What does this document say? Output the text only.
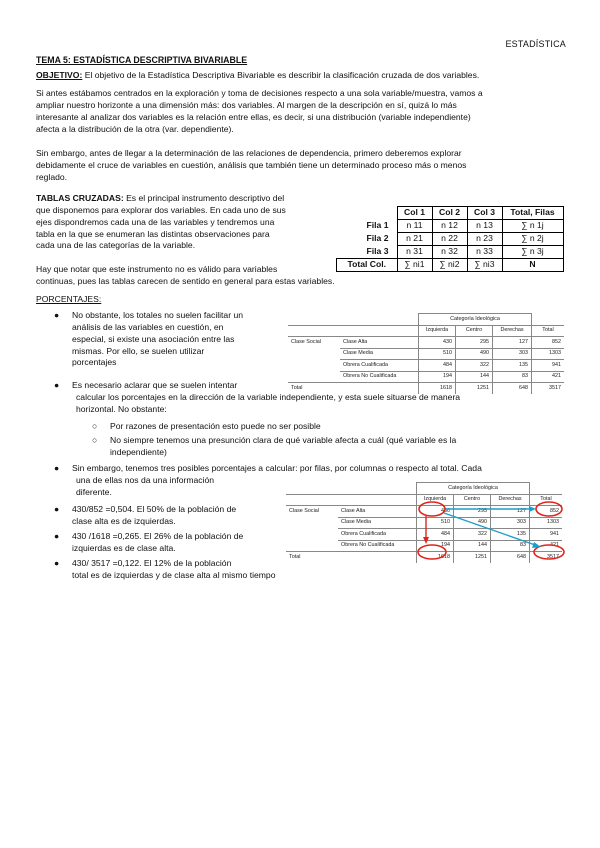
ESTADÍSTICA
TEMA 5: ESTADÍSTICA DESCRIPTIVA BIVARIABLE
OBJETIVO: El objetivo de la Estadística Descriptiva Bivariable es describir la clasificación cruzada de dos variables.
Si antes estábamos centrados en la exploración y toma de decisiones respecto a una sola variable/muestra, vamos a
ampliar nuestro horizonte a una dimensión más: dos variables. Al margen de la descripción en sí, quizá lo más
interesante al analizar dos variables es la relación entre ellas, es decir, si una distribución (variable independiente)
afecta a la distribución de la otra (var. dependiente).
Sin embargo, antes de llegar a la determinación de las relaciones de dependencia, primero deberemos explorar
debidamente el cruce de variables en cuestión, análisis que también tiene un determinado proceso más o menos
reglado.
TABLAS CRUZADAS: Es el principal instrumento descriptivo del
que disponemos para explorar dos variables. En cada uno de sus
ejes dispondremos cada una de las variables y tendremos una
tabla en la que se enumeran las distintas observaciones para
cada una de las categorías de la variable.
	Col 1	Col 2	Col 3	Total, Filas
Fila 1	n 11	n 12	n 13	∑ n 1j
Fila 2	n 21	n 22	n 23	∑ n 2j
Fila 3	n 31	n 32	n 33	∑ n 3j
Total Col.	∑ ni1	∑ ni2	∑ ni3	N
Hay que notar que este instrumento no es válido para variables
continuas, pues las tablas carecen de sentido en general para estas variables.
PORCENTAJES:
● No obstante, los totales no suelen facilitar un
análisis de las variables en cuestión, en
especial, si existe una asociación entre las
mismas. Por ello, se suelen utilizar
porcentajes
		Categoría Ideológica			
		Izquierda	Centro	Derechas	Total
Clase Social	Clase Alta	430	295	127	852
	Clase Media	510	490	303	1303
	Obrera Cualificada	484	322	135	941
	Obrera No Cualificada	194	144	83	421
Total		1618	1251	648	3517
● Es necesario aclarar que se suelen intentar
calcular los porcentajes en la dirección de la variable independiente, y esta suele situarse de manera
horizontal. No obstante:
○ Por razones de presentación esto puede no ser posible
○ No siempre tenemos una presunción clara de qué variable afecta a cuál (qué variable es la
independiente)
● Sin embargo, tenemos tres posibles porcentajes a calcular: por filas, por columnas o respecto al total. Cada
una de ellas nos da una información
diferente.
● 430/852 =0,504. El 50% de la población de
clase alta es de izquierdas.
● 430 /1618 =0,265. El 26% de la población de
izquierdas es de clase alta.
● 430/ 3517 =0,122. El 12% de la población
total es de izquierdas y de clase alta al mismo tiempo
		Categoría Ideológica			
		Izquierda	Centro	Derechas	Total
Clase Social	Clase Alta	430	295	127	852
	Clase Media	510	490	303	1303
	Obrera Cualificada	484	322	135	941
	Obrera No Cualificada	194	144	83	421
Total		1618	1251	648	3517
